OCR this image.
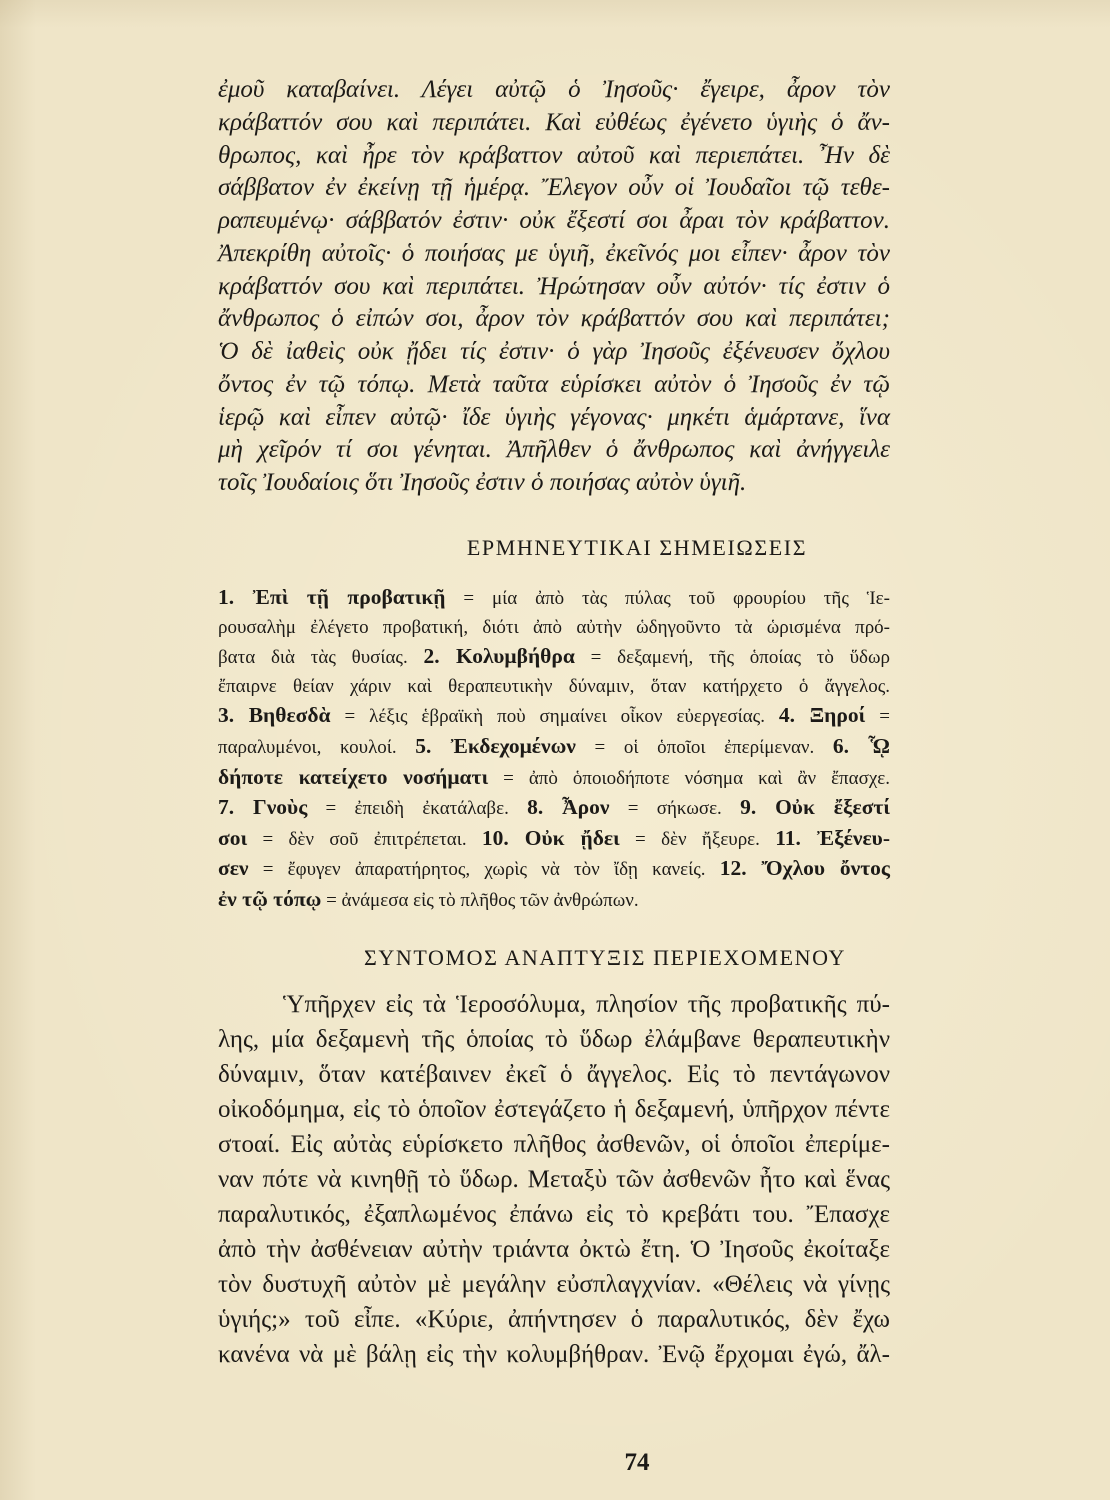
ἐμοῦ καταβαίνει. Λέγει αὐτῷ ὁ Ἰησοῦς· ἔγειρε, ἆρον τὸν
κράβαττόν σου καὶ περιπάτει. Καὶ εὐθέως ἐγένετο ὑγιὴς ὁ ἄν-
θρωπος, καὶ ἦρε τὸν κράβαττον αὐτοῦ καὶ περιεπάτει. Ἦν δὲ
σάββατον ἐν ἐκείνῃ τῇ ἡμέρᾳ. Ἔλεγον οὖν οἱ Ἰουδαῖοι τῷ τεθε-
ραπευμένῳ· σάββατόν ἐστιν· οὐκ ἔξεστί σοι ἆραι τὸν κράβαττον.
Ἀπεκρίθη αὐτοῖς· ὁ ποιήσας με ὑγιῆ, ἐκεῖνός μοι εἶπεν· ἆρον τὸν
κράβαττόν σου καὶ περιπάτει. Ἠρώτησαν οὖν αὐτόν· τίς ἐστιν ὁ
ἄνθρωπος ὁ εἰπών σοι, ἆρον τὸν κράβαττόν σου καὶ περιπάτει;
Ὁ δὲ ἰαθεὶς οὐκ ᾔδει τίς ἐστιν· ὁ γὰρ Ἰησοῦς ἐξένευσεν ὄχλου
ὄντος ἐν τῷ τόπῳ. Μετὰ ταῦτα εὑρίσκει αὐτὸν ὁ Ἰησοῦς ἐν τῷ
ἱερῷ καὶ εἶπεν αὐτῷ· ἴδε ὑγιὴς γέγονας· μηκέτι ἁμάρτανε, ἵνα
μὴ χεῖρόν τί σοι γένηται. Ἀπῆλθεν ὁ ἄνθρωπος καὶ ἀνήγγειλε
τοῖς Ἰουδαίοις ὅτι Ἰησοῦς ἐστιν ὁ ποιήσας αὐτὸν ὑγιῆ.
ΕΡΜΗΝΕΥΤΙΚΑΙ ΣΗΜΕΙΩΣΕΙΣ
1. Ἐπὶ τῇ προβατικῇ = μία ἀπὸ τὰς πύλας τοῦ φρουρίου τῆς Ἱε-
ρουσαλὴμ ἐλέγετο προβατική, διότι ἀπὸ αὐτὴν ὡδηγοῦντο τὰ ὡρισμένα πρό-
βατα διὰ τὰς θυσίας. 2. Κολυμβήθρα = δεξαμενή, τῆς ὁποίας τὸ ὕδωρ
ἔπαιρνε θείαν χάριν καὶ θεραπευτικὴν δύναμιν, ὅταν κατήρχετο ὁ ἄγγελος.
3. Βηθεσδὰ = λέξις ἑβραϊκὴ ποὺ σημαίνει οἶκον εὐεργεσίας. 4. Ξηροί =
παραλυμένοι, κουλοί. 5. Ἐκδεχομένων = οἱ ὁποῖοι ἐπερίμεναν. 6. ᾯ
δήποτε κατείχετο νοσήματι = ἀπὸ ὁποιοδήποτε νόσημα καὶ ἂν ἔπασχε.
7. Γνοὺς = ἐπειδὴ ἐκατάλαβε. 8. Ἆρον = σήκωσε. 9. Οὐκ ἔξεστί
σοι = δὲν σοῦ ἐπιτρέπεται. 10. Οὐκ ᾔδει = δὲν ἤξευρε. 11. Ἐξένευ-
σεν = ἔφυγεν ἀπαρατήρητος, χωρὶς νὰ τὸν ἴδῃ κανείς. 12. Ὄχλου ὄντος
ἐν τῷ τόπῳ = ἀνάμεσα εἰς τὸ πλῆθος τῶν ἀνθρώπων.
ΣΥΝΤΟΜΟΣ ΑΝΑΠΤΥΞΙΣ ΠΕΡΙΕΧΟΜΕΝΟΥ
Ὑπῆρχεν εἰς τὰ Ἱεροσόλυμα, πλησίον τῆς προβατικῆς πύ-
λης, μία δεξαμενὴ τῆς ὁποίας τὸ ὕδωρ ἐλάμβανε θεραπευτικὴν
δύναμιν, ὅταν κατέβαινεν ἐκεῖ ὁ ἄγγελος. Εἰς τὸ πεντάγωνον
οἰκοδόμημα, εἰς τὸ ὁποῖον ἐστεγάζετο ἡ δεξαμενή, ὑπῆρχον πέντε
στοαί. Εἰς αὐτὰς εὑρίσκετο πλῆθος ἀσθενῶν, οἱ ὁποῖοι ἐπερίμε-
ναν πότε νὰ κινηθῇ τὸ ὕδωρ. Μεταξὺ τῶν ἀσθενῶν ἦτο καὶ ἕνας
παραλυτικός, ἐξαπλωμένος ἐπάνω εἰς τὸ κρεβάτι του. Ἔπασχε
ἀπὸ τὴν ἀσθένειαν αὐτὴν τριάντα ὀκτὼ ἔτη. Ὁ Ἰησοῦς ἐκοίταξε
τὸν δυστυχῆ αὐτὸν μὲ μεγάλην εὐσπλαγχνίαν. «Θέλεις νὰ γίνῃς
ὑγιής;» τοῦ εἶπε. «Κύριε, ἀπήντησεν ὁ παραλυτικός, δὲν ἔχω
κανένα νὰ μὲ βάλῃ εἰς τὴν κολυμβήθραν. Ἐνῷ ἔρχομαι ἐγώ, ἄλ-
74
